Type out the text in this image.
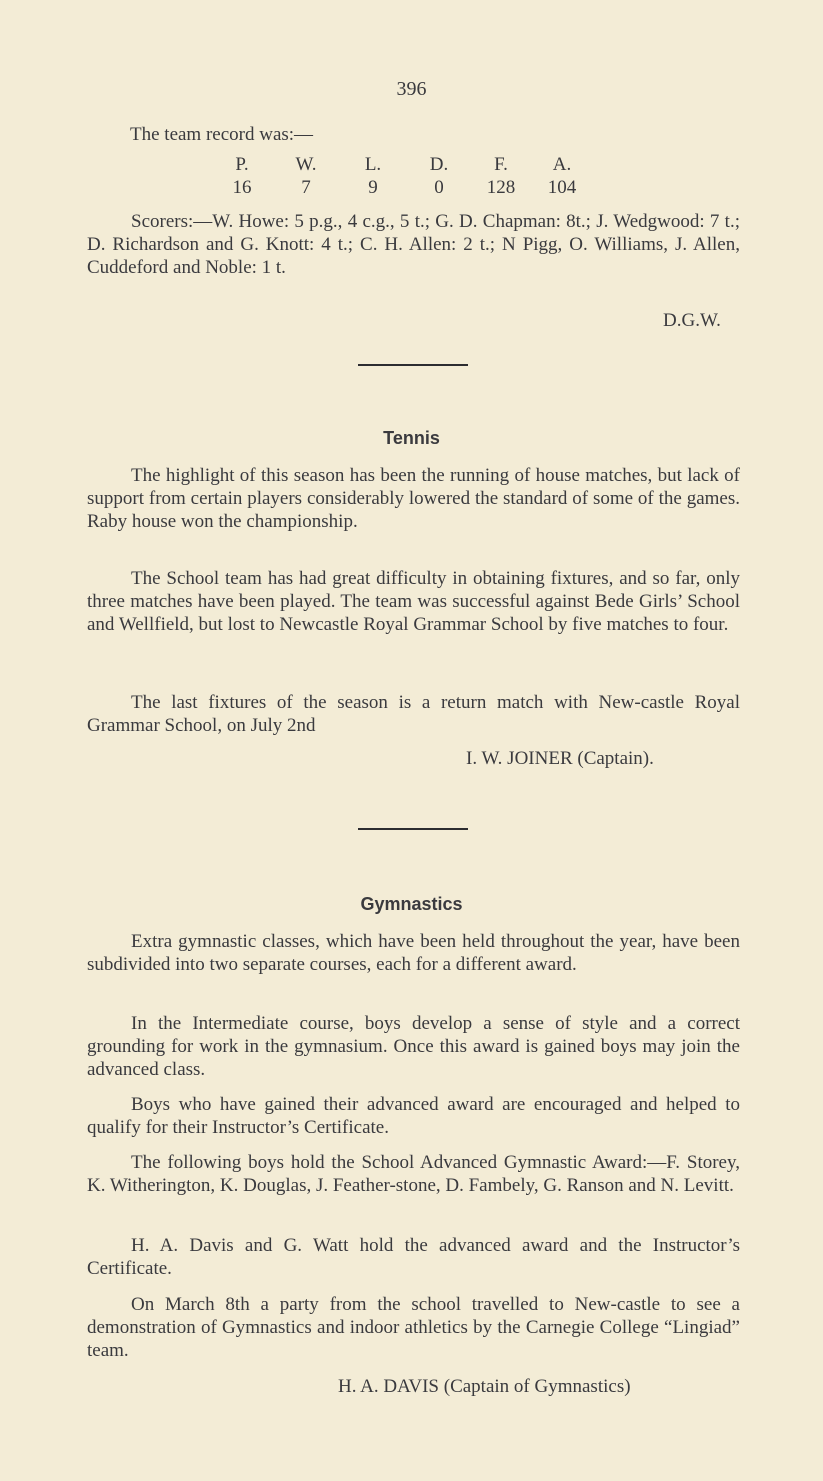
396
The team record was:—
P.	W.	L.	D.	F.	A.
16	7	9	0	128	104

Scorers:—W. Howe: 5 p.g., 4 c.g., 5 t.; G. D. Chapman: 8t.; J. Wedgwood: 7 t.; D. Richardson and G. Knott: 4 t.; C. H. Allen: 2 t.; N Pigg, O. Williams, J. Allen, Cuddeford and Noble: 1 t.

D.G.W.
Tennis

The highlight of this season has been the running of house matches, but lack of support from certain players considerably lowered the standard of some of the games. Raby house won the championship.

The School team has had great difficulty in obtaining fixtures, and so far, only three matches have been played. The team was successful against Bede Girls’ School and Wellfield, but lost to Newcastle Royal Grammar School by five matches to four.

The last fixtures of the season is a return match with New-castle Royal Grammar School, on July 2nd

I. W. JOINER (Captain).
Gymnastics

Extra gymnastic classes, which have been held throughout the year, have been subdivided into two separate courses, each for a different award.

In the Intermediate course, boys develop a sense of style and a correct grounding for work in the gymnasium. Once this award is gained boys may join the advanced class.

Boys who have gained their advanced award are encouraged and helped to qualify for their Instructor’s Certificate.

The following boys hold the School Advanced Gymnastic Award:—F. Storey, K. Witherington, K. Douglas, J. Feather-stone, D. Fambely, G. Ranson and N. Levitt.

H. A. Davis and G. Watt hold the advanced award and the Instructor’s Certificate.

On March 8th a party from the school travelled to New-castle to see a demonstration of Gymnastics and indoor athletics by the Carnegie College “Lingiad” team.

H. A. DAVIS (Captain of Gymnastics)
